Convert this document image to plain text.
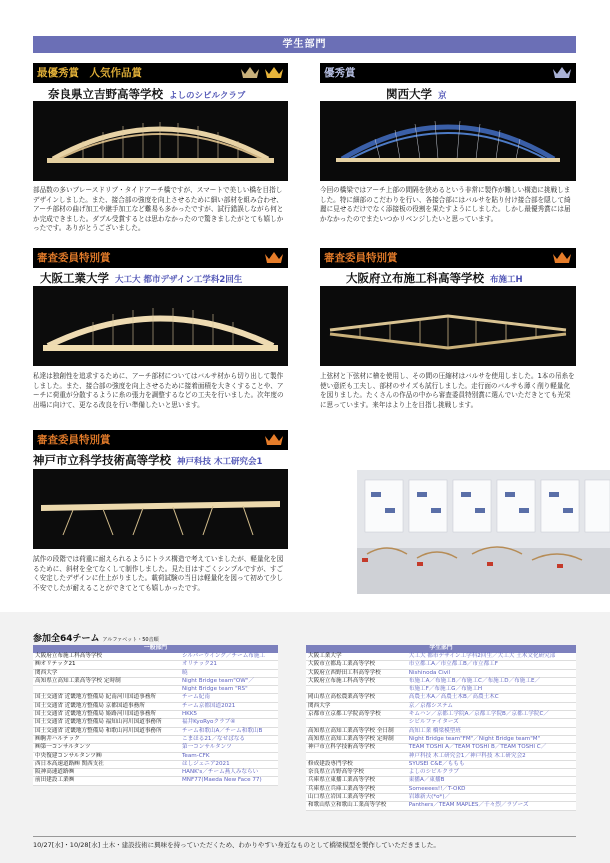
学生部門
最優秀賞　人気作品賞
奈良県立吉野高等学校 よしのシビルクラブ
部品数の多いブレースドリブ・タイドアーチ橋ですが、スマートで美しい橋を目指しデザインしました。また、接合部の強度を向上させるために細い部材を組み合わせ、アーチ部材の曲げ加工や継手加工など難易も多かったですが、試行錯誤しながら何とか完成できました。ダブル受賞するとは思わなかったので驚きましたがとても嬉しかったです。ありがとうございました。
優秀賞
関西大学 京
今回の橋梁ではアーチ上部の間隔を狭めるという非常に製作が難しい構造に挑戦しました。特に細部のこだわりを行い、各接合部にはバルサを貼り付け接合部を隠して綺麗に見せるだけでなく添接板の役割を果たすようにしました。しかし最優秀賞には届かなかったのでまたいつかリベンジしたいと思っています。
審査委員特別賞
大阪工業大学 大工大 都市デザイン工学科2回生
私達は独創性を追求するために、アーチ部材についてはバルサ材から切り出して製作しました。また、接合部の強度を向上させるために接着面積を大きくすることや、アーチに荷重が分散するように糸の張力を調整するなどの工夫を行いました。次年度の出場に向けて、更なる改良を行い準備したいと思います。
審査委員特別賞
大阪府立布施工科高等学校 布施工H
上弦材と下弦材に檜を使用し、その間の圧縮材はバルサを使用しました。1本の吊糸を使い意匠も工夫し、部材のサイズも試行しました。走行面のバルサも薄く削り軽量化を図りました。たくさんの作品の中から審査委員特別賞に選んでいただきとても光栄に思っています。来年はより上を目指し挑戦します。
審査委員特別賞
神戸市立科学技術高等学校 神戸科技 木工研究会1
試作の段階では荷重に耐えられるようにトラス構造で考えていましたが、軽量化を図るために、斜材を全てなくして制作しました。見た目はすごくシンプルですが、すごく安定したデザインに仕上がりました。載荷試験の当日は軽量化を図って初めて少し不安でしたが耐えることができてとても嬉しかったです。
参加全64チーム アルファベット・50音順
一般部門	
大阪府立布施工科高等学校	シルバーウイング／チーム布施工
㈱オリテック21	オリテック21
関西大学	暁
高知県立高知工業高等学校 定時制	Night Bridge team"OW"／
	Night Bridge team "RS"
国土交通省 近畿地方整備局 紀南河川国道事務所	チーム紀南
国土交通省 近畿地方整備局 京都国道事務所	チーム京都国道2021
国土交通省 近畿地方整備局 姫路河川国道事務所	HKK5
国土交通省 近畿地方整備局 福知山河川国道事務所	福井KyoRyoクラブ④
国土交通省 近畿地方整備局 和歌山河川国道事務所	チーム和歌山A／チーム和歌山B
㈱駒井ハルテック	こまほる21／なせばなる
㈱第一コンサルタンツ	第一コンサルタンツ
中央復建コンサルタンツ㈱	Team-CFK
西日本高速道路㈱ 関西支社	はしジェニア2021
阪神高速道路㈱	HANK's／チーム燕人みならい
前田建設工業㈱	MNF77(Maeda New Face 77)
学生部門	
大阪工業大学	大工大 都市デザイン工学科2回生／大工大 土木文化研究部
大阪市立都島工業高等学校	市立都工A／市立都工B／市立都工F
大阪府立西野田工科高等学校	Nishinoda Civil
大阪府立布施工科高等学校	布施工A／布施工B／布施工C／布施工D／布施工E／
	布施工F／布施工G／布施工H
岡山県立高松農業高等学校	高農土木A／高農土木B／高農土木C
関西大学	京／京都システム
京都市立京都工学院高等学校	キムハン／京都工学院A／京都工学院B／京都工学院C／
	シビルファイターズ
高知県立高知工業高等学校 全日制	高知工業 橋梁模型班
高知県立高知工業高等学校 定時制	Night Bridge team"FM"／Night Bridge team"M"
神戸市立科学技術高等学校	TEAM TOSHI A／TEAM TOSHI B／TEAM TOSHI C／
	神戸科技 木工研究会1／神戸科技 木工研究会2
修成建設専門学校	SYUSEI C&E／ももも
奈良県立吉野高等学校	よしのシビルクラブ
兵庫県立東播工業高等学校	東播A／東播B
兵庫県立兵庫工業高等学校	Someeees!!／T-OKD
山口県立岩国工業高等学校	岩雄新天(*o*)／
和歌山県立和歌山工業高等学校	Panthers／TEAM MAPLES／千々烈／ラゾーズ
10/27[水]・10/28[水] 土木・建設技術に興味を持っていただくため、わかりやすい身近なものとして橋梁模型を製作していただきました。
